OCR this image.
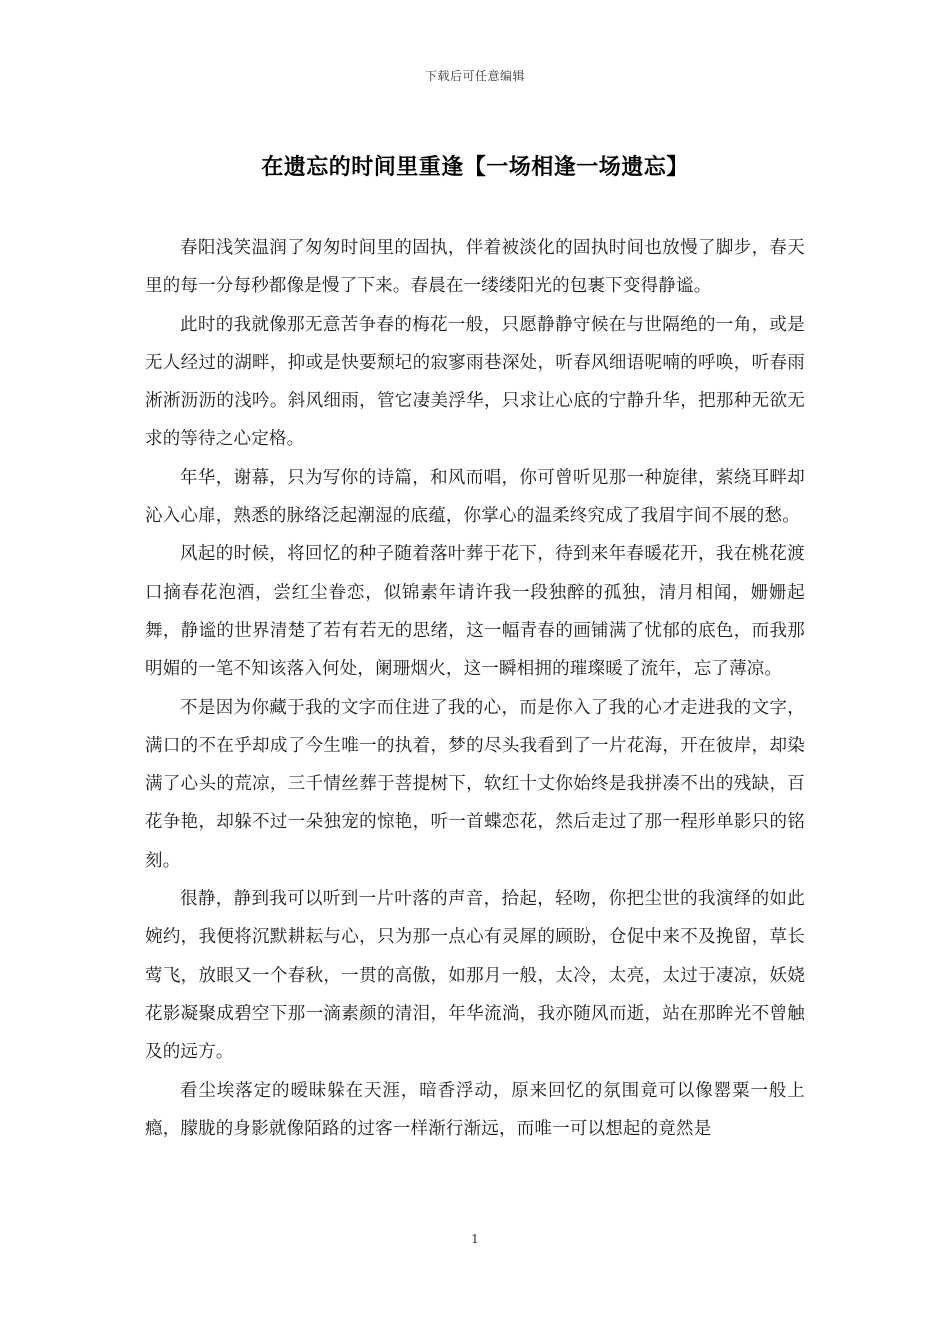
下载后可任意编辑
在遗忘的时间里重逢【一场相逢一场遗忘】

春阳浅笑温润了匆匆时间里的固执，伴着被淡化的固执时间也放慢了脚步，春天里的每一分每秒都像是慢了下来。春晨在一缕缕阳光的包裹下变得静谧。

此时的我就像那无意苦争春的梅花一般，只愿静静守候在与世隔绝的一角，或是无人经过的湖畔，抑或是快要颓圮的寂寥雨巷深处，听春风细语呢喃的呼唤，听春雨淅淅沥沥的浅吟。斜风细雨，管它凄美浮华，只求让心底的宁静升华，把那种无欲无求的等待之心定格。

年华，谢幕，只为写你的诗篇，和风而唱，你可曾听见那一种旋律，萦绕耳畔却沁入心扉，熟悉的脉络泛起潮湿的底蕴，你掌心的温柔终究成了我眉宇间不展的愁。

风起的时候，将回忆的种子随着落叶葬于花下，待到来年春暖花开，我在桃花渡口摘春花泡酒，尝红尘眷恋，似锦素年请许我一段独醉的孤独，清月相闻，姗姗起舞，静谧的世界清楚了若有若无的思绪，这一幅青春的画铺满了忧郁的底色，而我那明媚的一笔不知该落入何处，阑珊烟火，这一瞬相拥的璀璨暖了流年，忘了薄凉。

不是因为你藏于我的文字而住进了我的心，而是你入了我的心才走进我的文字，满口的不在乎却成了今生唯一的执着，梦的尽头我看到了一片花海，开在彼岸，却染满了心头的荒凉，三千情丝葬于菩提树下，软红十丈你始终是我拼凑不出的残缺，百花争艳，却躲不过一朵独宠的惊艳，听一首蝶恋花，然后走过了那一程形单影只的铭刻。

很静，静到我可以听到一片叶落的声音，拾起，轻吻，你把尘世的我演绎的如此婉约，我便将沉默耕耘与心，只为那一点心有灵犀的顾盼，仓促中来不及挽留，草长莺飞，放眼又一个春秋，一贯的高傲，如那月一般，太冷，太亮，太过于凄凉，妖娆花影凝聚成碧空下那一滴素颜的清泪，年华流淌，我亦随风而逝，站在那眸光不曾触及的远方。

看尘埃落定的暧昧躲在天涯，暗香浮动，原来回忆的氛围竟可以像罂粟一般上瘾，朦胧的身影就像陌路的过客一样渐行渐远，而唯一可以想起的竟然是

1
